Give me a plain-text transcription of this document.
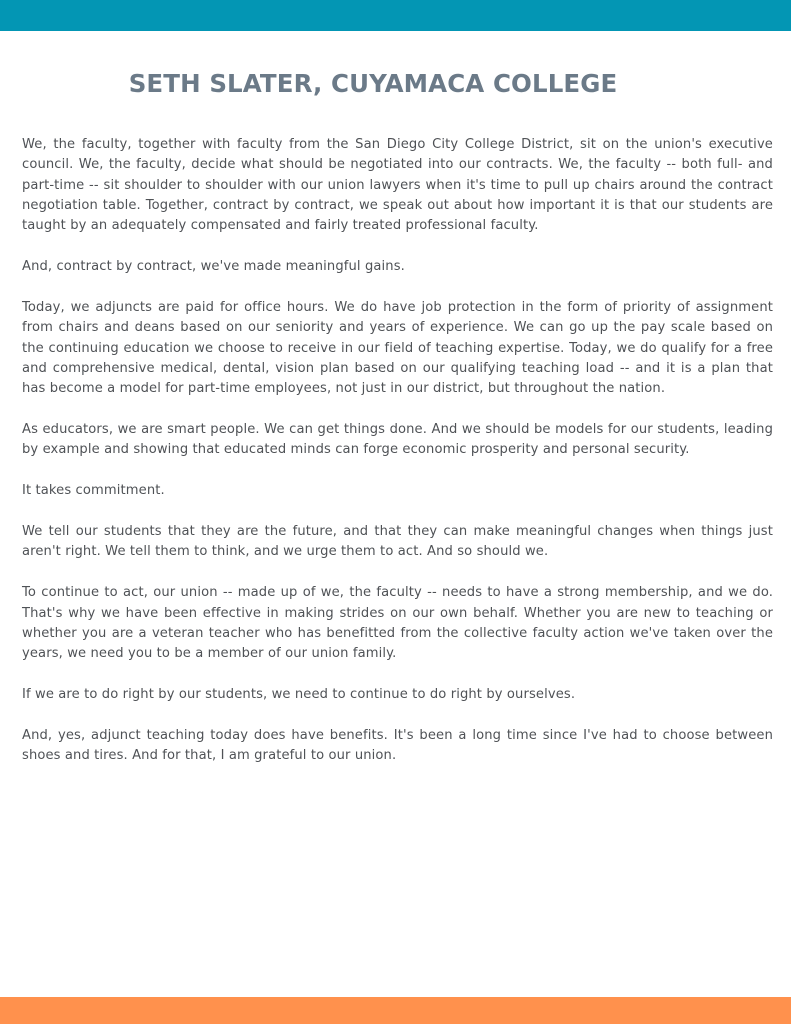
SETH SLATER, CUYAMACA COLLEGE

We, the faculty, together with faculty from the San Diego City College District, sit on the union's executive council. We, the faculty, decide what should be negotiated into our contracts. We, the faculty -- both full- and part-time -- sit shoulder to shoulder with our union lawyers when it's time to pull up chairs around the contract negotiation table. Together, contract by contract, we speak out about how important it is that our students are taught by an adequately compensated and fairly treated professional faculty.

And, contract by contract, we've made meaningful gains.

Today, we adjuncts are paid for office hours. We do have job protection in the form of priority of assignment from chairs and deans based on our seniority and years of experience. We can go up the pay scale based on the continuing education we choose to receive in our field of teaching expertise. Today, we do qualify for a free and comprehensive medical, dental, vision plan based on our qualifying teaching load -- and it is a plan that has become a model for part-time employees, not just in our district, but throughout the nation.

As educators, we are smart people. We can get things done. And we should be models for our students, leading by example and showing that educated minds can forge economic prosperity and personal security.

It takes commitment.

We tell our students that they are the future, and that they can make meaningful changes when things just aren't right. We tell them to think, and we urge them to act. And so should we.

To continue to act, our union -- made up of we, the faculty -- needs to have a strong membership, and we do. That's why we have been effective in making strides on our own behalf. Whether you are new to teaching or whether you are a veteran teacher who has benefitted from the collective faculty action we've taken over the years, we need you to be a member of our union family.

If we are to do right by our students, we need to continue to do right by ourselves.

And, yes, adjunct teaching today does have benefits. It's been a long time since I've had to choose between shoes and tires. And for that, I am grateful to our union.
